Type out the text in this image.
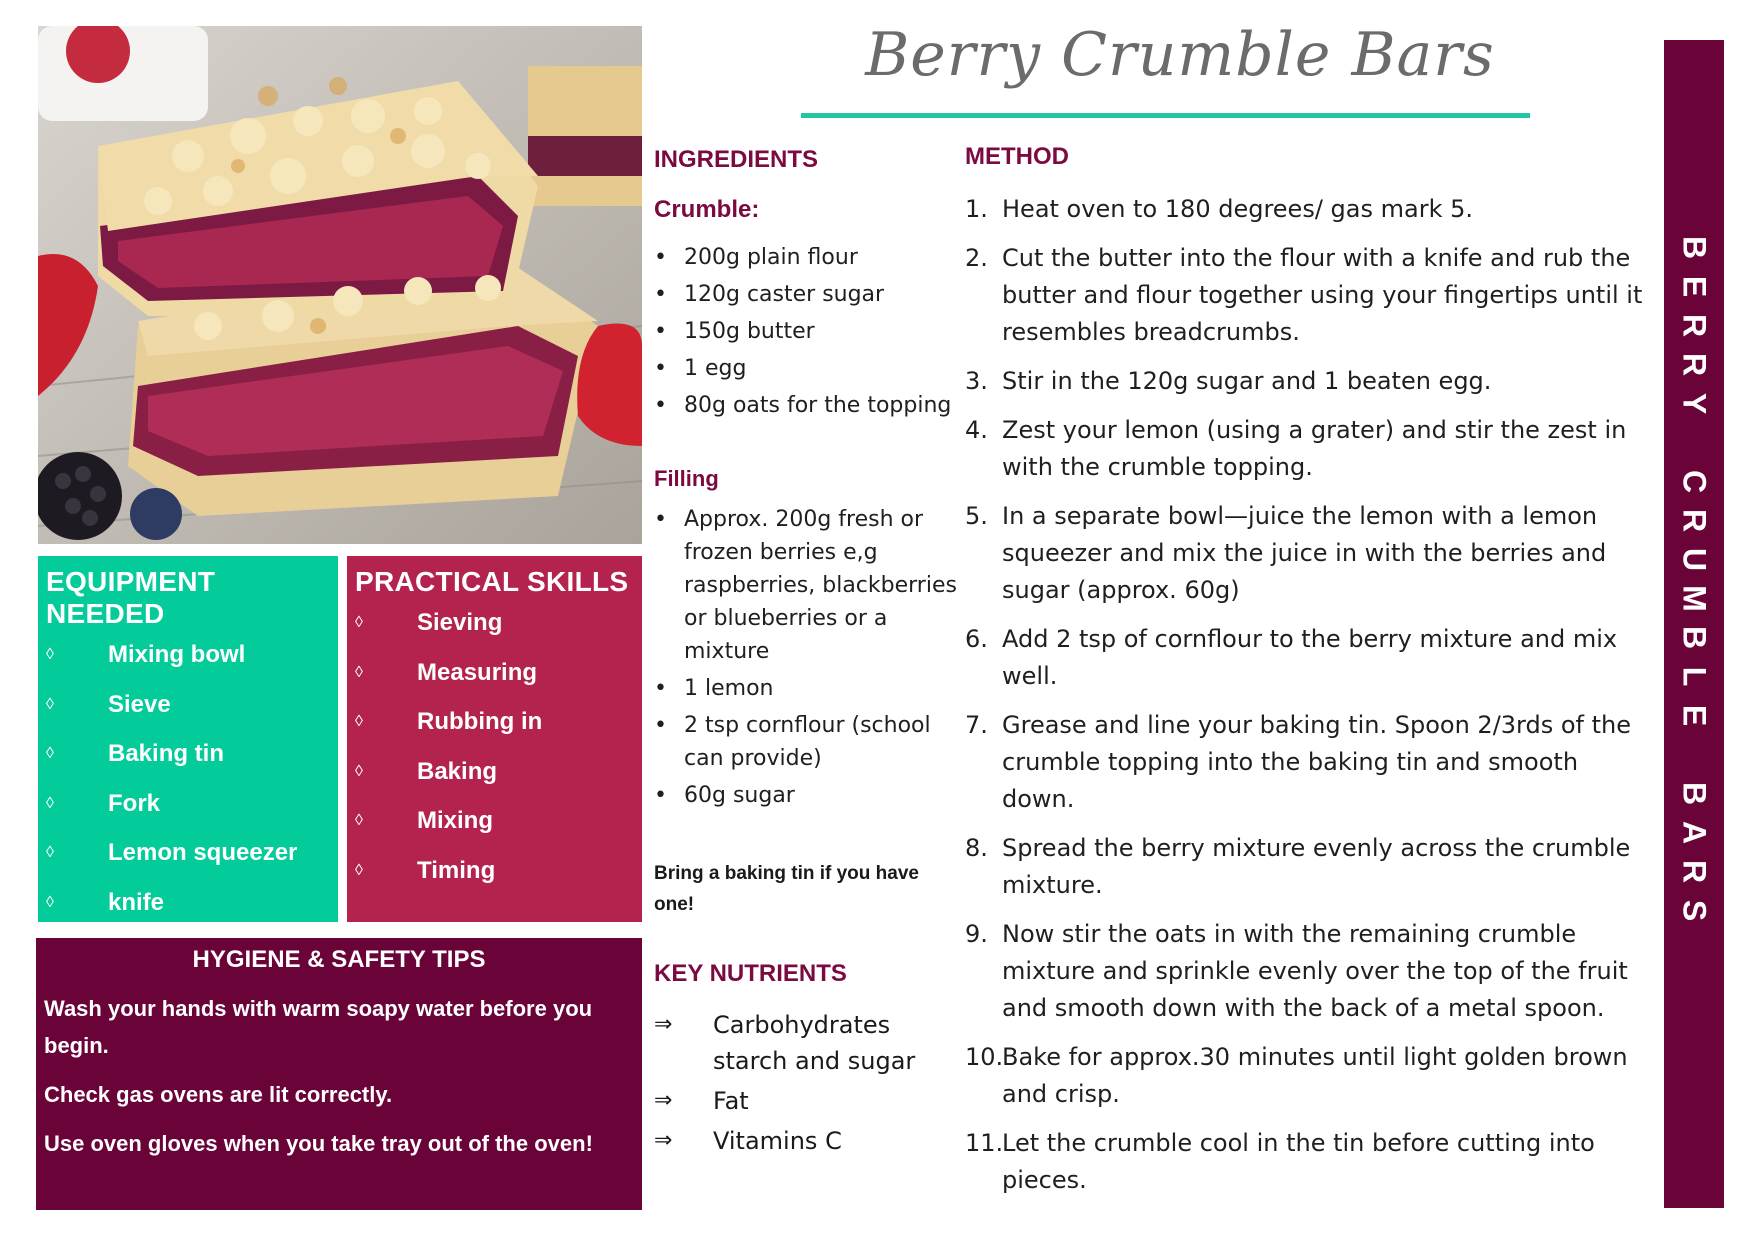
EQUIPMENT NEEDED
◊ Mixing bowl
◊ Sieve
◊ Baking tin
◊ Fork
◊ Lemon squeezer
◊ knife
PRACTICAL SKILLS
◊ Sieving
◊ Measuring
◊ Rubbing in
◊ Baking
◊ Mixing
◊ Timing
HYGIENE & SAFETY TIPS

Wash your hands with warm soapy water before you begin.

Check gas ovens are lit correctly.

Use oven gloves when you take tray out of the oven!

Berry Crumble Bars
INGREDIENTS
Crumble:
• 200g plain flour
• 120g caster sugar
• 150g butter
• 1 egg
• 80g oats for the topping
Filling
• Approx. 200g fresh or frozen berries e,g raspberries, blackberries or blueberries or a mixture
• 1 lemon
• 2 tsp cornflour (school can provide)
• 60g sugar
Bring a baking tin if you have one!
KEY NUTRIENTS
⇒ Carbohydrates starch and sugar
⇒ Fat
⇒ Vitamins C
METHOD
1. Heat oven to 180 degrees/ gas mark 5.
2. Cut the butter into the flour with a knife and rub the butter and flour together using your fingertips until it resembles breadcrumbs.
3. Stir in the 120g sugar and 1 beaten egg.
4. Zest your lemon (using a grater) and stir the zest in with the crumble topping.
5. In a separate bowl—juice the lemon with a lemon squeezer and mix the juice in with the berries and sugar (approx. 60g)
6. Add 2 tsp of cornflour to the berry mixture and mix well.
7. Grease and line your baking tin. Spoon 2/3rds of the crumble topping into the baking tin and smooth down.
8. Spread the berry mixture evenly across the crumble mixture.
9. Now stir the oats in with the remaining crumble mixture and sprinkle evenly over the top of the fruit and smooth down with the back of a metal spoon.
10.
Bake for approx.30 minutes until light golden brown and crisp.
11.
Let the crumble cool in the tin before cutting into pieces.
B
E
R
R
Y

C
R
U
M
B
L
E

B
A
R
S
